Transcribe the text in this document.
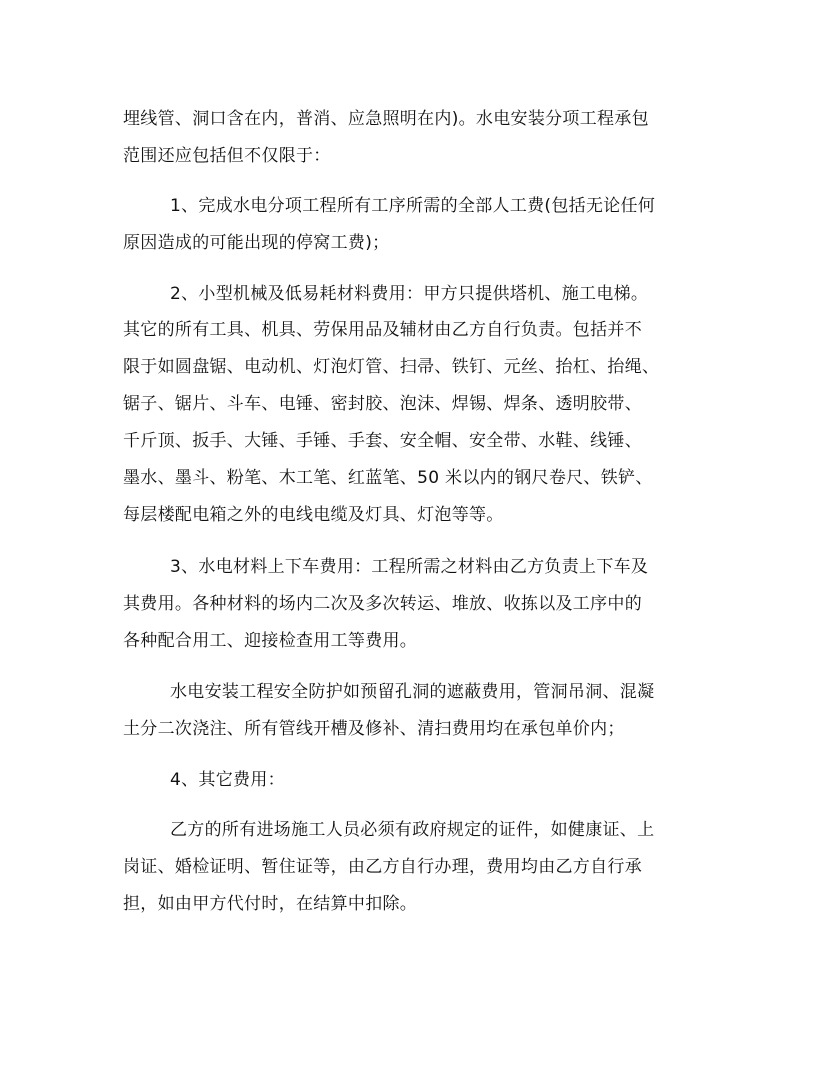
埋线管、洞口含在内，普消、应急照明在内)。水电安装分项工程承包
范围还应包括但不仅限于：
1、完成水电分项工程所有工序所需的全部人工费(包括无论任何
原因造成的可能出现的停窝工费)；
2、小型机械及低易耗材料费用：甲方只提供塔机、施工电梯。
其它的所有工具、机具、劳保用品及辅材由乙方自行负责。包括并不
限于如圆盘锯、电动机、灯泡灯管、扫帚、铁钉、元丝、抬杠、抬绳、
锯子、锯片、斗车、电锤、密封胶、泡沫、焊锡、焊条、透明胶带、
千斤顶、扳手、大锤、手锤、手套、安全帽、安全带、水鞋、线锤、
墨水、墨斗、粉笔、木工笔、红蓝笔、50 米以内的钢尺卷尺、铁铲、
每层楼配电箱之外的电线电缆及灯具、灯泡等等。
3、水电材料上下车费用：工程所需之材料由乙方负责上下车及
其费用。各种材料的场内二次及多次转运、堆放、收拣以及工序中的
各种配合用工、迎接检查用工等费用。
水电安装工程安全防护如预留孔洞的遮蔽费用，管洞吊洞、混凝
土分二次浇注、所有管线开槽及修补、清扫费用均在承包单价内；
4、其它费用：
乙方的所有进场施工人员必须有政府规定的证件，如健康证、上
岗证、婚检证明、暂住证等，由乙方自行办理，费用均由乙方自行承
担，如由甲方代付时，在结算中扣除。
